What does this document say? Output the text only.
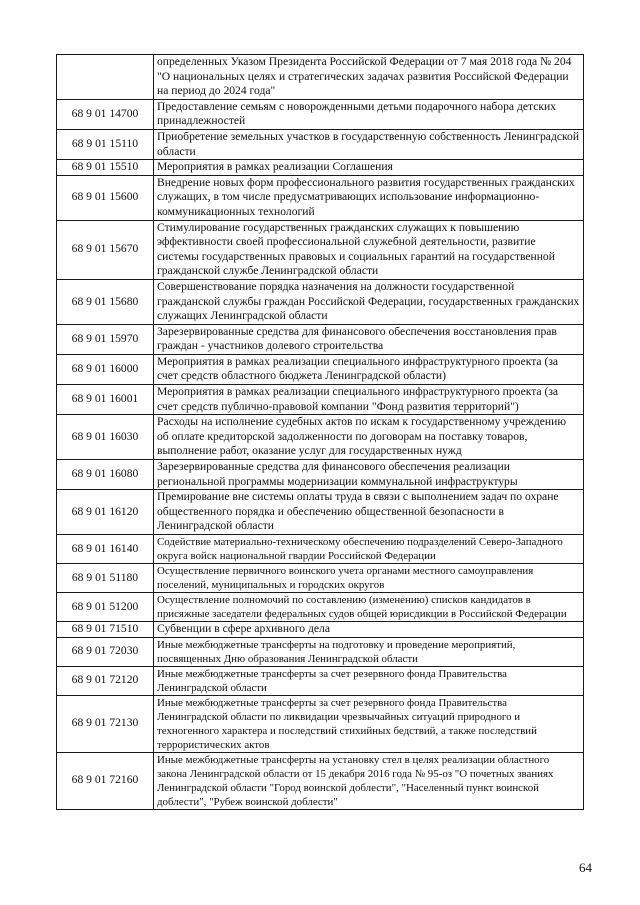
	определенных Указом Президента Российской Федерации от 7 мая 2018 года № 204 "О национальных целях и стратегических задачах развития Российской Федерации на период до 2024 года"
68 9 01 14700	Предоставление семьям с новорожденными детьми подарочного набора детских принадлежностей
68 9 01 15110	Приобретение земельных участков в государственную собственность Ленинградской области
68 9 01 15510	Мероприятия в рамках реализации Соглашения
68 9 01 15600	Внедрение новых форм профессионального развития государственных гражданских служащих, в том числе предусматривающих использование информационно-коммуникационных технологий
68 9 01 15670	Стимулирование государственных гражданских служащих к повышению эффективности своей профессиональной служебной деятельности, развитие системы государственных правовых и социальных гарантий на государственной гражданской службе Ленинградской области
68 9 01 15680	Совершенствование порядка назначения на должности государственной гражданской службы граждан Российской Федерации, государственных гражданских служащих Ленинградской области
68 9 01 15970	Зарезервированные средства для финансового обеспечения восстановления прав граждан - участников долевого строительства
68 9 01 16000	Мероприятия в рамках реализации специального инфраструктурного проекта (за счет средств областного бюджета Ленинградской области)
68 9 01 16001	Мероприятия в рамках реализации специального инфраструктурного проекта (за счет средств публично-правовой компании "Фонд развития территорий")
68 9 01 16030	Расходы на исполнение судебных актов по искам к государственному учреждению об оплате кредиторской задолженности по договорам на поставку товаров, выполнение работ, оказание услуг для государственных нужд
68 9 01 16080	Зарезервированные средства для финансового обеспечения реализации региональной программы модернизации коммунальной инфраструктуры
68 9 01 16120	Премирование вне системы оплаты труда в связи с выполнением задач по охране общественного порядка и обеспечению общественной безопасности в Ленинградской области
68 9 01 16140	Содействие материально-техническому обеспечению подразделений Северо-Западного округа войск национальной гвардии Российской Федерации
68 9 01 51180	Осуществление первичного воинского учета органами местного самоуправления поселений, муниципальных и городских округов
68 9 01 51200	Осуществление полномочий по составлению (изменению) списков кандидатов в присяжные заседатели федеральных судов общей юрисдикции в Российской Федерации
68 9 01 71510	Субвенции в сфере архивного дела
68 9 01 72030	Иные межбюджетные трансферты на подготовку и проведение мероприятий, посвященных Дню образования Ленинградской области
68 9 01 72120	Иные межбюджетные трансферты за счет резервного фонда Правительства Ленинградской области
68 9 01 72130	Иные межбюджетные трансферты за счет резервного фонда Правительства Ленинградской области по ликвидации чрезвычайных ситуаций природного и техногенного характера и последствий стихийных бедствий, а также последствий террористических актов
68 9 01 72160	Иные межбюджетные трансферты на установку стел в целях реализации областного закона Ленинградской области от 15 декабря 2016 года № 95-оз "О почетных званиях Ленинградской области "Город воинской доблести", "Населенный пункт воинской доблести", "Рубеж воинской доблести"
64
